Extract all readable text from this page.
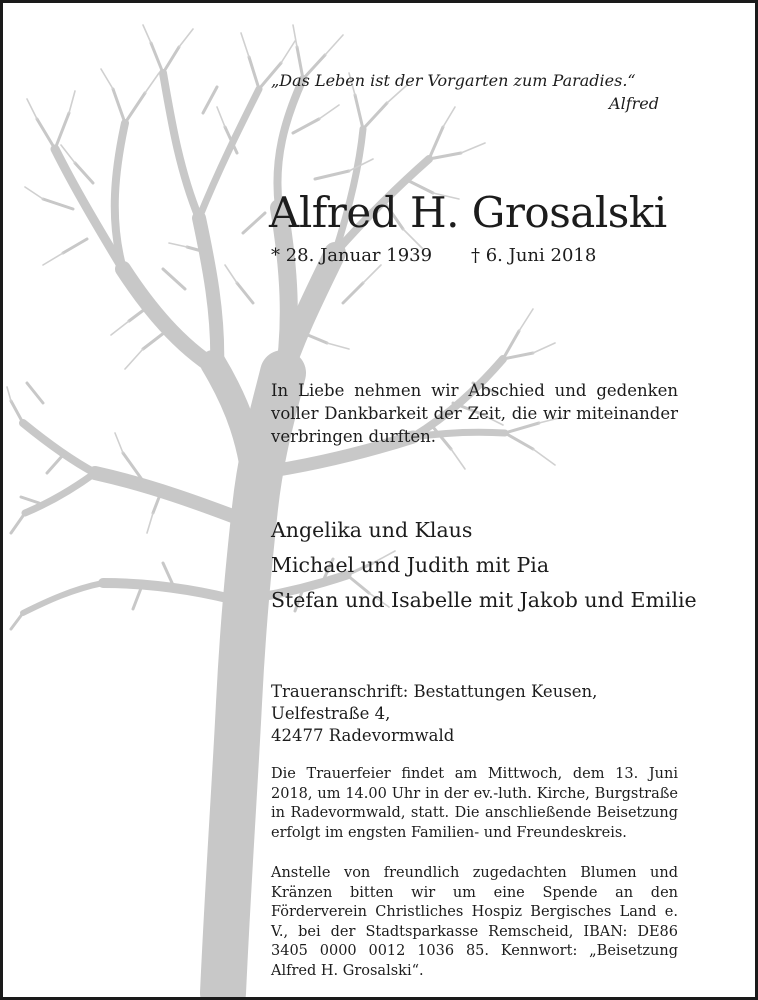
„Das Leben ist der Vorgarten zum Paradies.“
Alfred
Alfred H. Grosalski
* 28. Januar 1939 † 6. Juni 2018
In Liebe nehmen wir Abschied und gedenken voller Dankbarkeit der Zeit, die wir miteinander verbringen durften.
Angelika und Klaus
Michael und Judith mit Pia
Stefan und Isabelle mit Jakob und Emilie
Traueranschrift: Bestattungen Keusen, Uelfestraße 4,
42477 Radevormwald
Die Trauerfeier findet am Mittwoch, dem 13. Juni 2018, um 14.00 Uhr in der ev.-luth. Kirche, Burgstraße in Radevormwald, statt. Die anschließende Beisetzung erfolgt im engsten Familien- und Freundeskreis.
Anstelle von freundlich zugedachten Blumen und Kränzen bitten wir um eine Spende an den Förderverein Christliches Hospiz Bergisches Land e. V., bei der Stadtsparkasse Remscheid, IBAN: DE86 3405 0000 0012 1036 85. Kennwort: „Beisetzung Alfred H. Grosalski“.
